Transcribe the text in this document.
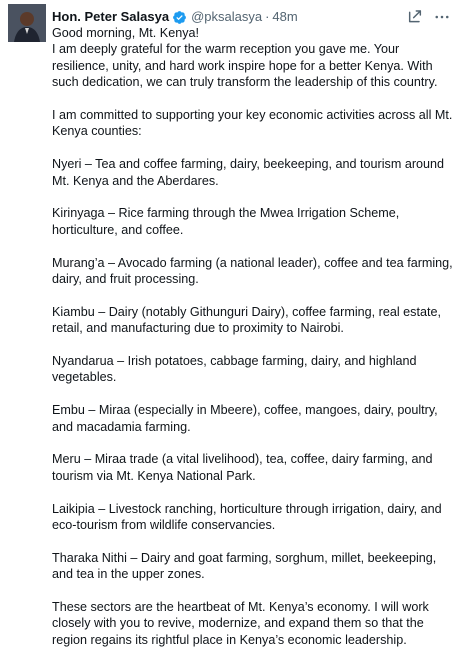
Hon. Peter Salasya @pksalasya · 48m

Good morning, Mt. Kenya!

I am deeply grateful for the warm reception you gave me. Your resilience, unity, and hard work inspire hope for a better Kenya. With such dedication, we can truly transform the leadership of this country.

I am committed to supporting your key economic activities across all Mt. Kenya counties:

Nyeri – Tea and coffee farming, dairy, beekeeping, and tourism around Mt. Kenya and the Aberdares.

Kirinyaga – Rice farming through the Mwea Irrigation Scheme, horticulture, and coffee.

Murang’a – Avocado farming (a national leader), coffee and tea farming, dairy, and fruit processing.

Kiambu – Dairy (notably Githunguri Dairy), coffee farming, real estate, retail, and manufacturing due to proximity to Nairobi.

Nyandarua – Irish potatoes, cabbage farming, dairy, and highland vegetables.

Embu – Miraa (especially in Mbeere), coffee, mangoes, dairy, poultry, and macadamia farming.

Meru – Miraa trade (a vital livelihood), tea, coffee, dairy farming, and tourism via Mt. Kenya National Park.

Laikipia – Livestock ranching, horticulture through irrigation, dairy, and eco-tourism from wildlife conservancies.

Tharaka Nithi – Dairy and goat farming, sorghum, millet, beekeeping, and tea in the upper zones.

These sectors are the heartbeat of Mt. Kenya’s economy. I will work closely with you to revive, modernize, and expand them so that the region regains its rightful place in Kenya’s economic leadership.
